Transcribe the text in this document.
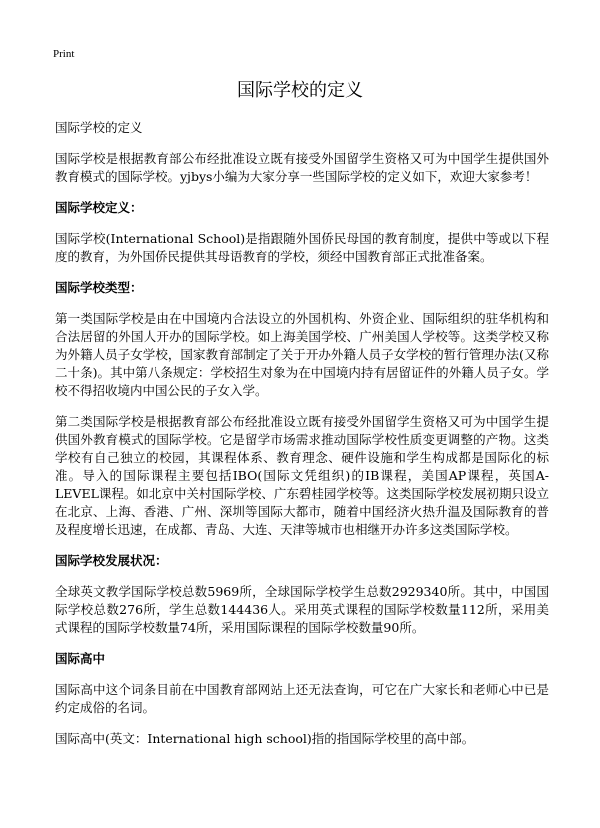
Print
国际学校的定义

国际学校的定义

国际学校是根据教育部公布经批准设立既有接受外国留学生资格又可为中国学生提供国外教育模式的国际学校。yjbys小编为大家分享一些国际学校的定义如下，欢迎大家参考！

国际学校定义：

国际学校(International School)是指跟随外国侨民母国的教育制度，提供中等或以下程度的教育，为外国侨民提供其母语教育的学校，须经中国教育部正式批准备案。

国际学校类型：

第一类国际学校是由在中国境内合法设立的外国机构、外资企业、国际组织的驻华机构和合法居留的外国人开办的国际学校。如上海美国学校、广州美国人学校等。这类学校又称为外籍人员子女学校，国家教育部制定了关于开办外籍人员子女学校的暂行管理办法(又称二十条)。其中第八条规定：学校招生对象为在中国境内持有居留证件的外籍人员子女。学校不得招收境内中国公民的子女入学。

第二类国际学校是根据教育部公布经批准设立既有接受外国留学生资格又可为中国学生提供国外教育模式的国际学校。它是留学市场需求推动国际学校性质变更调整的产物。这类学校有自己独立的校园，其课程体系、教育理念、硬件设施和学生构成都是国际化的标准。导入的国际课程主要包括IBO(国际文凭组织)的IB课程，美国AP课程，英国A-LEVEL课程。如北京中关村国际学校、广东碧桂园学校等。这类国际学校发展初期只设立在北京、上海、香港、广州、深圳等国际大都市，随着中国经济火热升温及国际教育的普及程度增长迅速，在成都、青岛、大连、天津等城市也相继开办许多这类国际学校。

国际学校发展状况：

全球英文教学国际学校总数5969所，全球国际学校学生总数2929340所。其中，中国国际学校总数276所，学生总数144436人。采用英式课程的国际学校数量112所，采用美式课程的国际学校数量74所，采用国际课程的国际学校数量90所。

国际高中

国际高中这个词条目前在中国教育部网站上还无法查询，可它在广大家长和老师心中已是约定成俗的名词。

国际高中(英文：International high school)指的指国际学校里的高中部。
